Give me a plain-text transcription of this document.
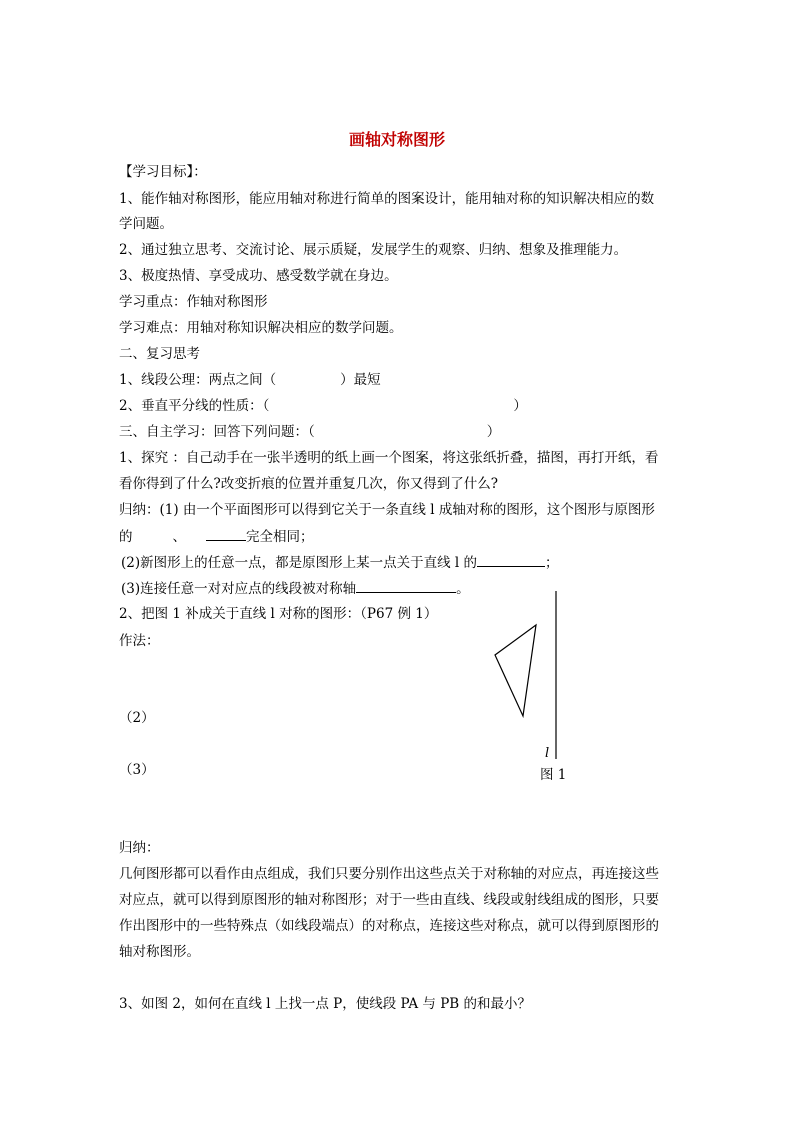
画轴对称图形
【学习目标】：
1、能作轴对称图形，能应用轴对称进行简单的图案设计，能用轴对称的知识解决相应的数
学问题。
2、通过独立思考、交流讨论、展示质疑，发展学生的观察、归纳、想象及推理能力。
3、极度热情、享受成功、感受数学就在身边。
学习重点：作轴对称图形
学习难点：用轴对称知识解决相应的数学问题。
二、复习思考
1、线段公理：两点之间（	）最短
2、垂直平分线的性质：（	）
三、自主学习：回答下列问题：（	）
1、探究 ：自己动手在一张半透明的纸上画一个图案，将这张纸折叠，描图，再打开纸，看
看你得到了什么?改变折痕的位置并重复几次，你又得到了什么?
归纳：(1) 由一个平面图形可以得到它关于一条直线 l 成轴对称的图形，这个图形与原图形
的	、	完全相同；
(2)新图形上的任意一点，都是原图形上某一点关于直线 l 的	；
(3)连接任意一对对应点的线段被对称轴	。
2、把图 1 补成关于直线 l 对称的图形：（P67 例 1）
作法：
（2）
（3）
l
图 1
归纳：
几何图形都可以看作由点组成，我们只要分别作出这些点关于对称轴的对应点，再连接这些
对应点，就可以得到原图形的轴对称图形；对于一些由直线、线段或射线组成的图形，只要
作出图形中的一些特殊点（如线段端点）的对称点，连接这些对称点，就可以得到原图形的
轴对称图形。
3、如图 2，如何在直线 l 上找一点 P，使线段 PA 与 PB 的和最小？
